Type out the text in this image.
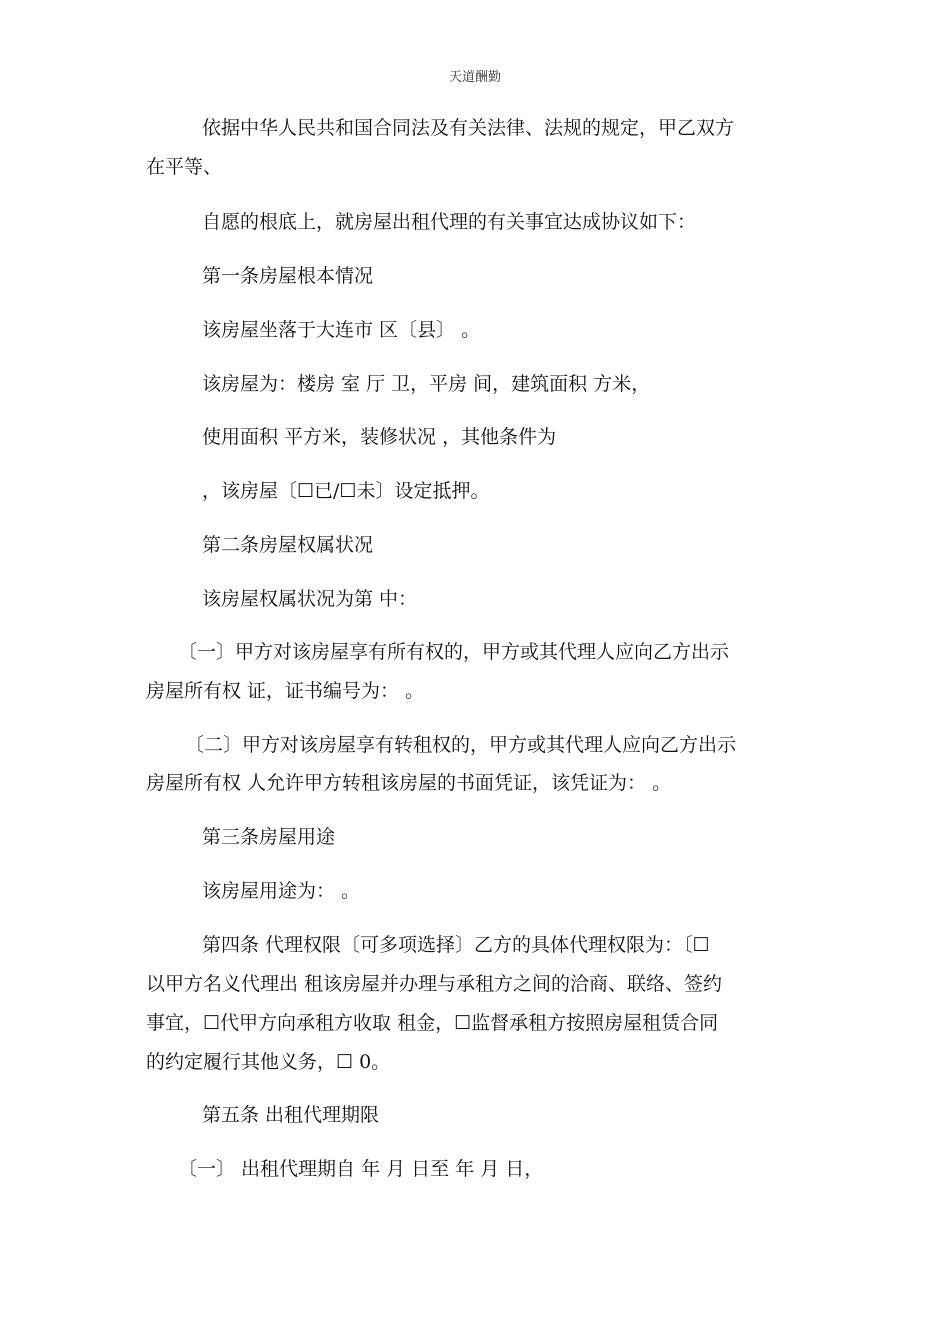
天道酬勤
依据中华人民共和国合同法及有关法律、法规的规定，甲乙双方
在平等、
自愿的根底上，就房屋出租代理的有关事宜达成协议如下：
第一条房屋根本情况
该房屋坐落于大连市 区〔县〕 。
该房屋为：楼房 室 厅 卫，平房 间，建筑面积 方米，
使用面积 平方米，装修状况 ，其他条件为
，该房屋〔☐已/☐未〕设定抵押。
第二条房屋权属状况
该房屋权属状况为第 中：
〔一〕甲方对该房屋享有所有权的，甲方或其代理人应向乙方出示
房屋所有权 证，证书编号为： 。
〔二〕甲方对该房屋享有转租权的，甲方或其代理人应向乙方出示
房屋所有权 人允许甲方转租该房屋的书面凭证，该凭证为： 。
第三条房屋用途
该房屋用途为： 。
第四条 代理权限〔可多项选择〕乙方的具体代理权限为：〔☐
以甲方名义代理出 租该房屋并办理与承租方之间的洽商、联络、签约
事宜，☐代甲方向承租方收取 租金，☐监督承租方按照房屋租赁合同
的约定履行其他义务，☐ 0。
第五条 出租代理期限
〔一〕 出租代理期自 年 月 日至 年 月 日，
